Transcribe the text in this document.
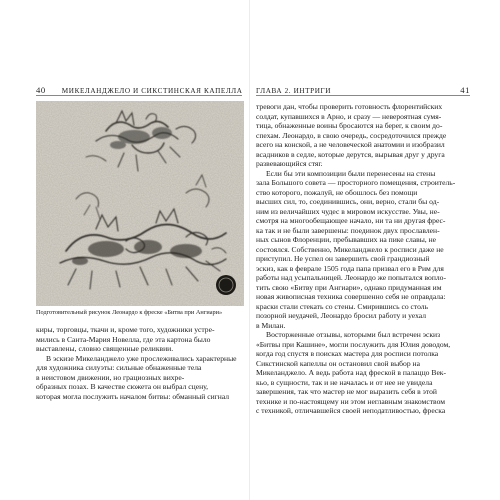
40 МИКЕЛАНДЖЕЛО И СИКСТИНСКАЯ КАПЕЛЛА
Подготовительный рисунок Леонардо к фреске «Битва при Ангиари»
киры, торговцы, ткачи и, кроме того, художники устре-
мились в Санта-Мария Новелла, где эта картона было
выставлены, словно священные реликвии.
В эскизе Микеланджело уже прослеживались характерные
для художника силуэты: сильные обнаженные тела
в неистовом движении, но грациозных вихре-
образных позах. В качестве сюжета он выбрал сцену,
которая могла послужить началом битвы: обманный сигнал
ГЛАВА 2. ИНТРИГИ	41
тревоги дан, чтобы проверить готовность флорентийских
солдат, купавшихся в Арно, и сразу — невероятная сумя-
тица, обнаженные воины бросаются на берег, к своим до-
спехам. Леонардо, в свою очередь, сосредоточился прежде
всего на конской, а не человеческой анатомии и изобразил
всадников в седле, которые дерутся, вырывая друг у друга
развевающийся стяг.
Если бы эти композиции были перенесены на стены
зала Большого совета — просторного помещения, строитель-
ство которого, пожалуй, не обошлось без помощи
высших сил, то, соединившись, они, верно, стали бы од-
ним из величайших чудес в мировом искусстве. Увы, не-
смотря на многообещающее начало, ни та ни другая фрес-
ка так и не были завершены: поединок двух прославлен-
ных сынов Флоренции, пребывавших на пике славы, не
состоялся. Собственно, Микеланджело к росписи даже не
приступил. Не успел он завершить свой грандиозный
эскиз, как в феврале 1505 года папа призвал его в Рим для
работы над усыпальницей. Леонардо же попытался вопло-
тить свою «Битву при Ангиари», однако придуманная им
новая живописная техника совершенно себя не оправдала:
краски стали стекать со стены. Смирившись со столь
позорной неудачей, Леонардо бросил работу и уехал
в Милан.
Восторженные отзывы, которыми был встречен эскиз
«Битвы при Кашине», могли послужить для Юлия доводом,
когда год спустя в поисках мастера для росписи потолка
Сикстинской капеллы он остановил свой выбор на
Микеланджело. А ведь работа над фреской в палаццо Век-
кьо, в сущности, так и не началась и от нее не увидела
завершения, так что мастер не мог выразить себя в этой
технике и по-настоящему ни этом неглавным знакомством
с техникой, отличавшейся своей неподатливостью, фреска
